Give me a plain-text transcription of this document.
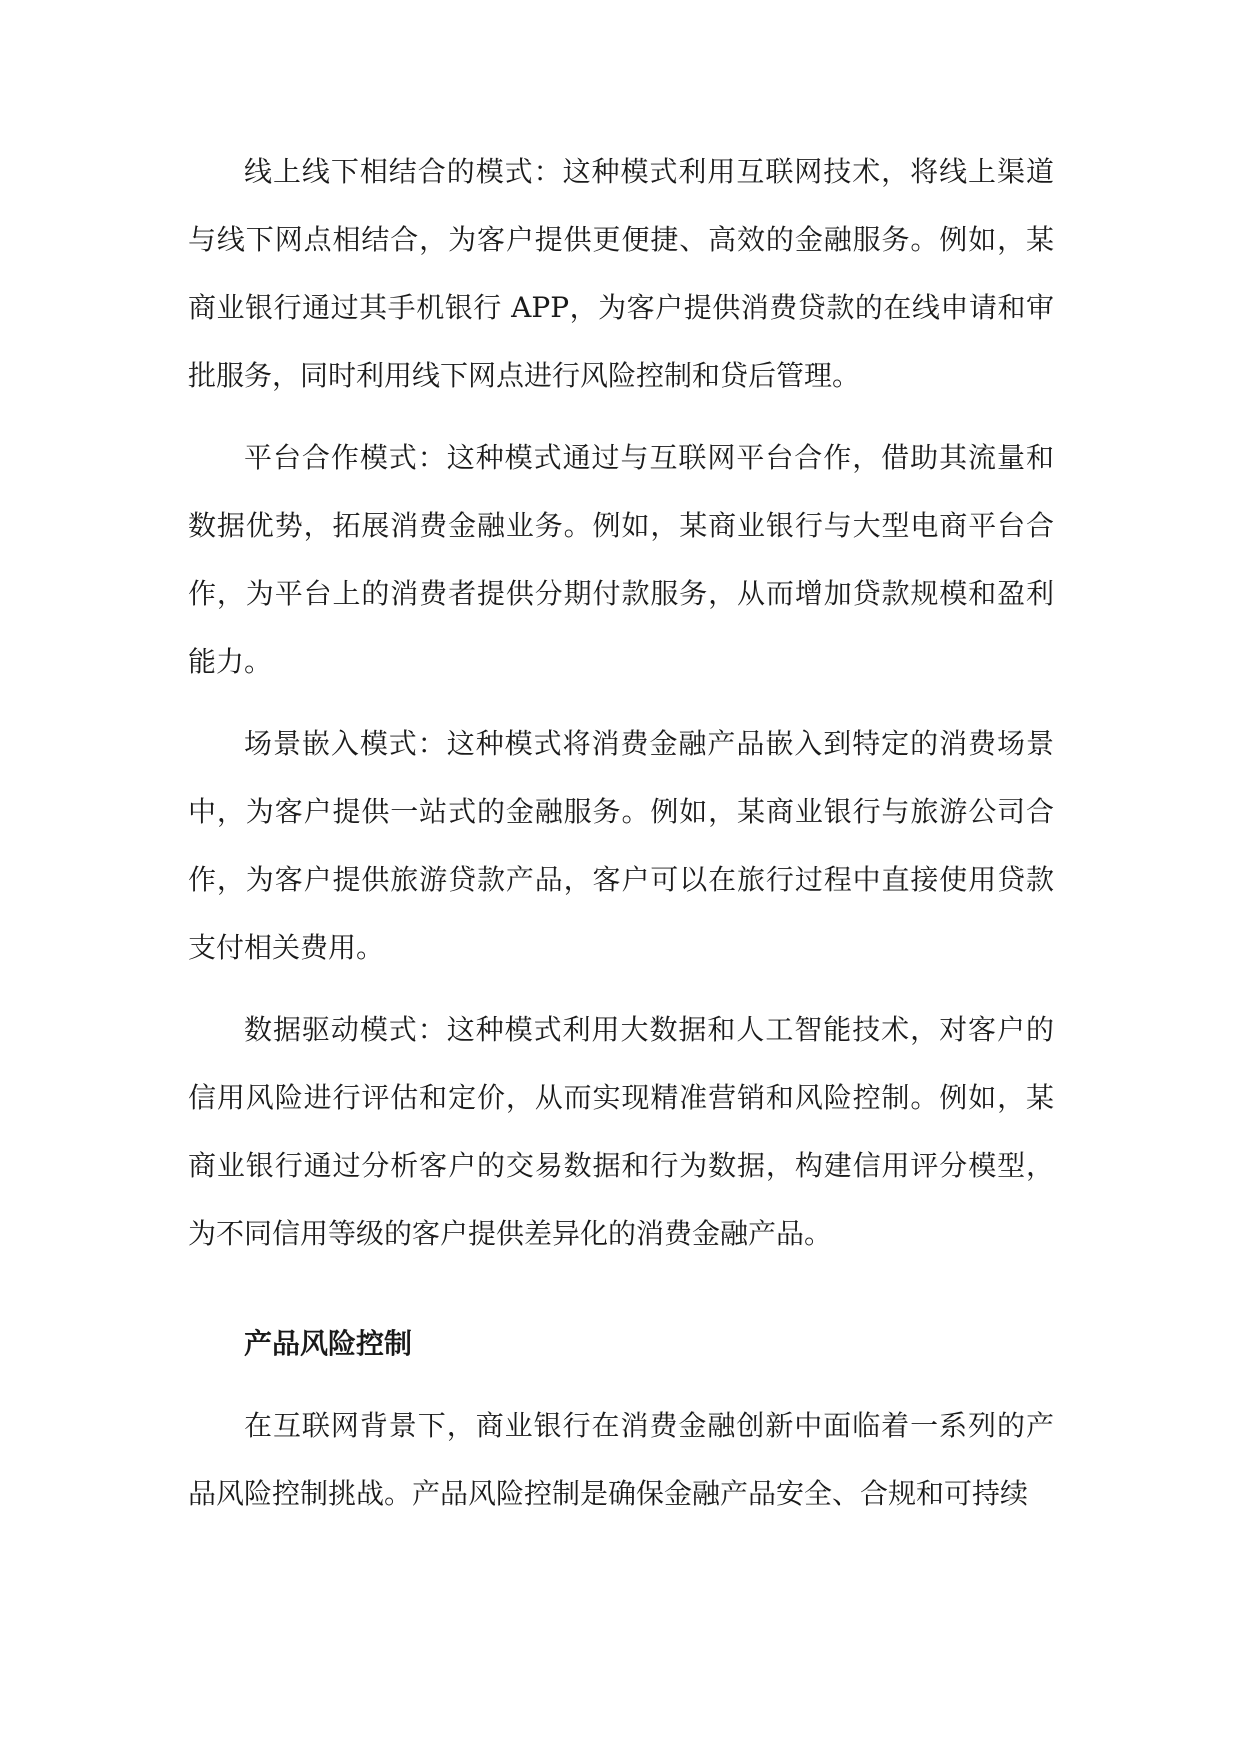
线上线下相结合的模式：这种模式利用互联网技术，将线上渠道与线下网点相结合，为客户提供更便捷、高效的金融服务。例如，某商业银行通过其手机银行 APP，为客户提供消费贷款的在线申请和审批服务，同时利用线下网点进行风险控制和贷后管理。

平台合作模式：这种模式通过与互联网平台合作，借助其流量和数据优势，拓展消费金融业务。例如，某商业银行与大型电商平台合作，为平台上的消费者提供分期付款服务，从而增加贷款规模和盈利能力。

场景嵌入模式：这种模式将消费金融产品嵌入到特定的消费场景中，为客户提供一站式的金融服务。例如，某商业银行与旅游公司合作，为客户提供旅游贷款产品，客户可以在旅行过程中直接使用贷款支付相关费用。

数据驱动模式：这种模式利用大数据和人工智能技术，对客户的信用风险进行评估和定价，从而实现精准营销和风险控制。例如，某商业银行通过分析客户的交易数据和行为数据，构建信用评分模型，为不同信用等级的客户提供差异化的消费金融产品。

产品风险控制

在互联网背景下，商业银行在消费金融创新中面临着一系列的产品风险控制挑战。产品风险控制是确保金融产品安全、合规和可持续
